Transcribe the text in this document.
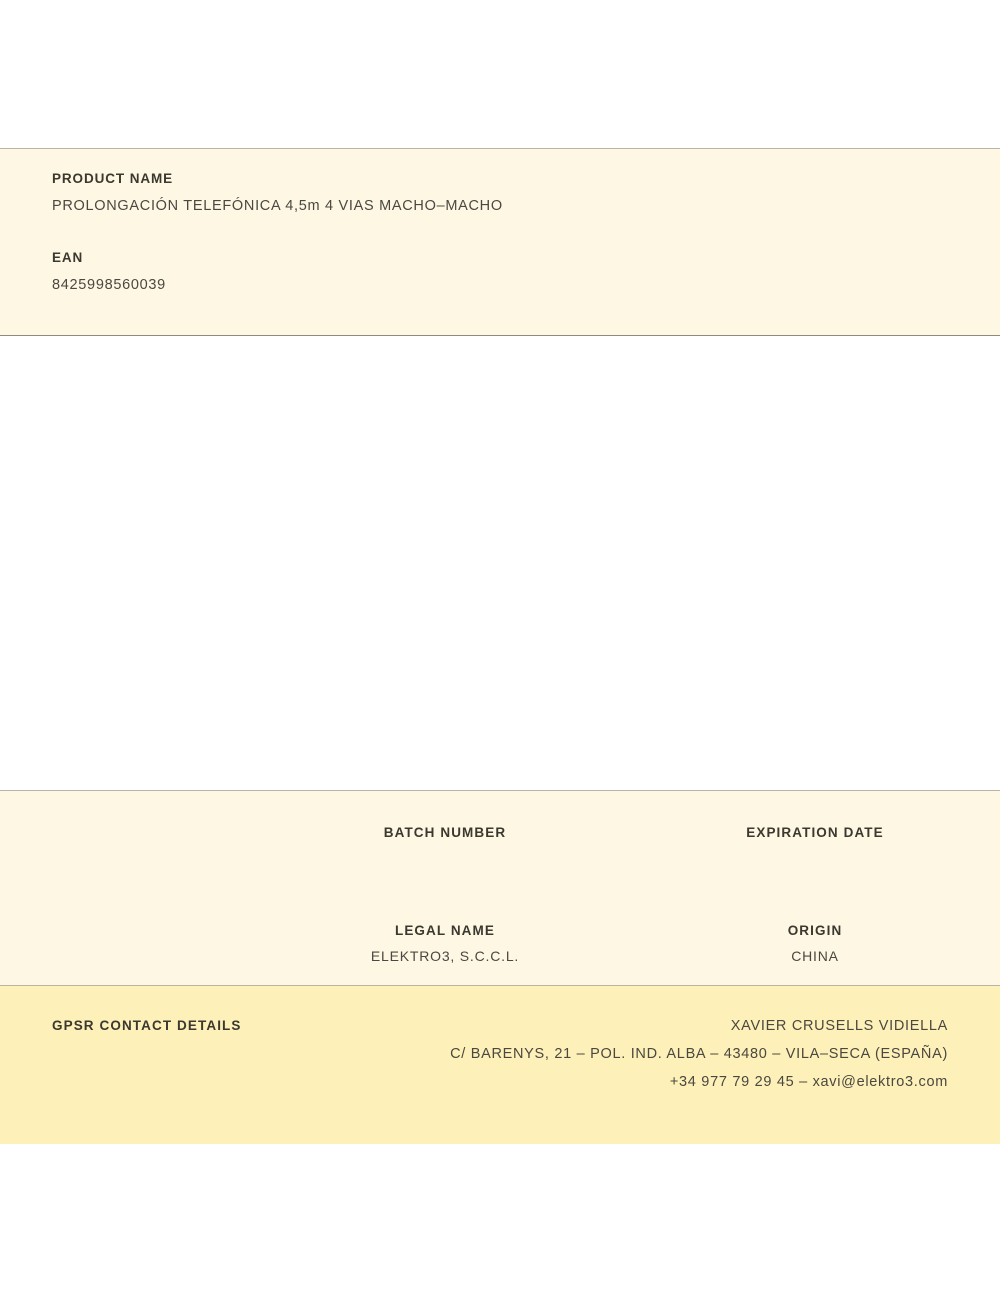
PRODUCT NAME

PROLONGACIÓN TELEFÓNICA 4,5m 4 VIAS MACHO–MACHO

EAN

8425998560039

BATCH NUMBER	EXPIRATION DATE

LEGAL NAME

ELEKTRO3, S.C.C.L.

ORIGIN

CHINA

GPSR CONTACT DETAILS	XAVIER CRUSELLS VIDIELLA
C/ BARENYS, 21 – POL. IND. ALBA – 43480 – VILA–SECA (ESPAÑA)
+34 977 79 29 45 – xavi@elektro3.com
